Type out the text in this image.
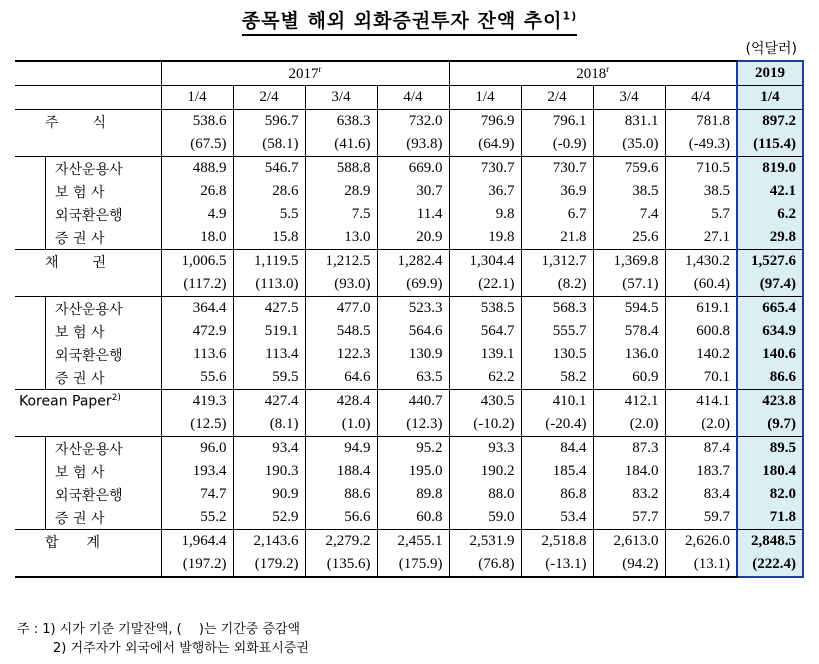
종목별 해외 외화증권투자 잔액 추이$^{1)}$
(억달러)
	2017$^r$				2018$^r$				2019
	1/4	2/4	3/4	4/4	1/4	2/4	3/4	4/4	1/4
주　　식	538.6	596.7	638.3	732.0	796.9	796.1	831.1	781.8	897.2
	(67.5)	(58.1)	(41.6)	(93.8)	(64.9)	(-0.9)	(35.0)	(-49.3)	(115.4)
자산운용사	488.9	546.7	588.8	669.0	730.7	730.7	759.6	710.5	819.0
보 험 사	26.8	28.6	28.9	30.7	36.7	36.9	38.5	38.5	42.1
외국환은행	4.9	5.5	7.5	11.4	9.8	6.7	7.4	5.7	6.2
증 권 사	18.0	15.8	13.0	20.9	19.8	21.8	25.6	27.1	29.8
채　　권	1,006.5	1,119.5	1,212.5	1,282.4	1,304.4	1,312.7	1,369.8	1,430.2	1,527.6
	(117.2)	(113.0)	(93.0)	(69.9)	(22.1)	(8.2)	(57.1)	(60.4)	(97.4)
자산운용사	364.4	427.5	477.0	523.3	538.5	568.3	594.5	619.1	665.4
보 험 사	472.9	519.1	548.5	564.6	564.7	555.7	578.4	600.8	634.9
외국환은행	113.6	113.4	122.3	130.9	139.1	130.5	136.0	140.2	140.6
증 권 사	55.6	59.5	64.6	63.5	62.2	58.2	60.9	70.1	86.6
Korean Paper$^{2)}$	419.3	427.4	428.4	440.7	430.5	410.1	412.1	414.1	423.8
	(12.5)	(8.1)	(1.0)	(12.3)	(-10.2)	(-20.4)	(2.0)	(2.0)	(9.7)
자산운용사	96.0	93.4	94.9	95.2	93.3	84.4	87.3	87.4	89.5
보 험 사	193.4	190.3	188.4	195.0	190.2	185.4	184.0	183.7	180.4
외국환은행	74.7	90.9	88.6	89.8	88.0	86.8	83.2	83.4	82.0
증 권 사	55.2	52.9	56.6	60.8	59.0	53.4	57.7	59.7	71.8
합　　계	1,964.4	2,143.6	2,279.2	2,455.1	2,531.9	2,518.8	2,613.0	2,626.0	2,848.5
	(197.2)	(179.2)	(135.6)	(175.9)	(76.8)	(-13.1)	(94.2)	(13.1)	(222.4)
주 : 1) 시가 기준 기말잔액, (　 )는 기간중 증감액
2) 거주자가 외국에서 발행하는 외화표시증권
